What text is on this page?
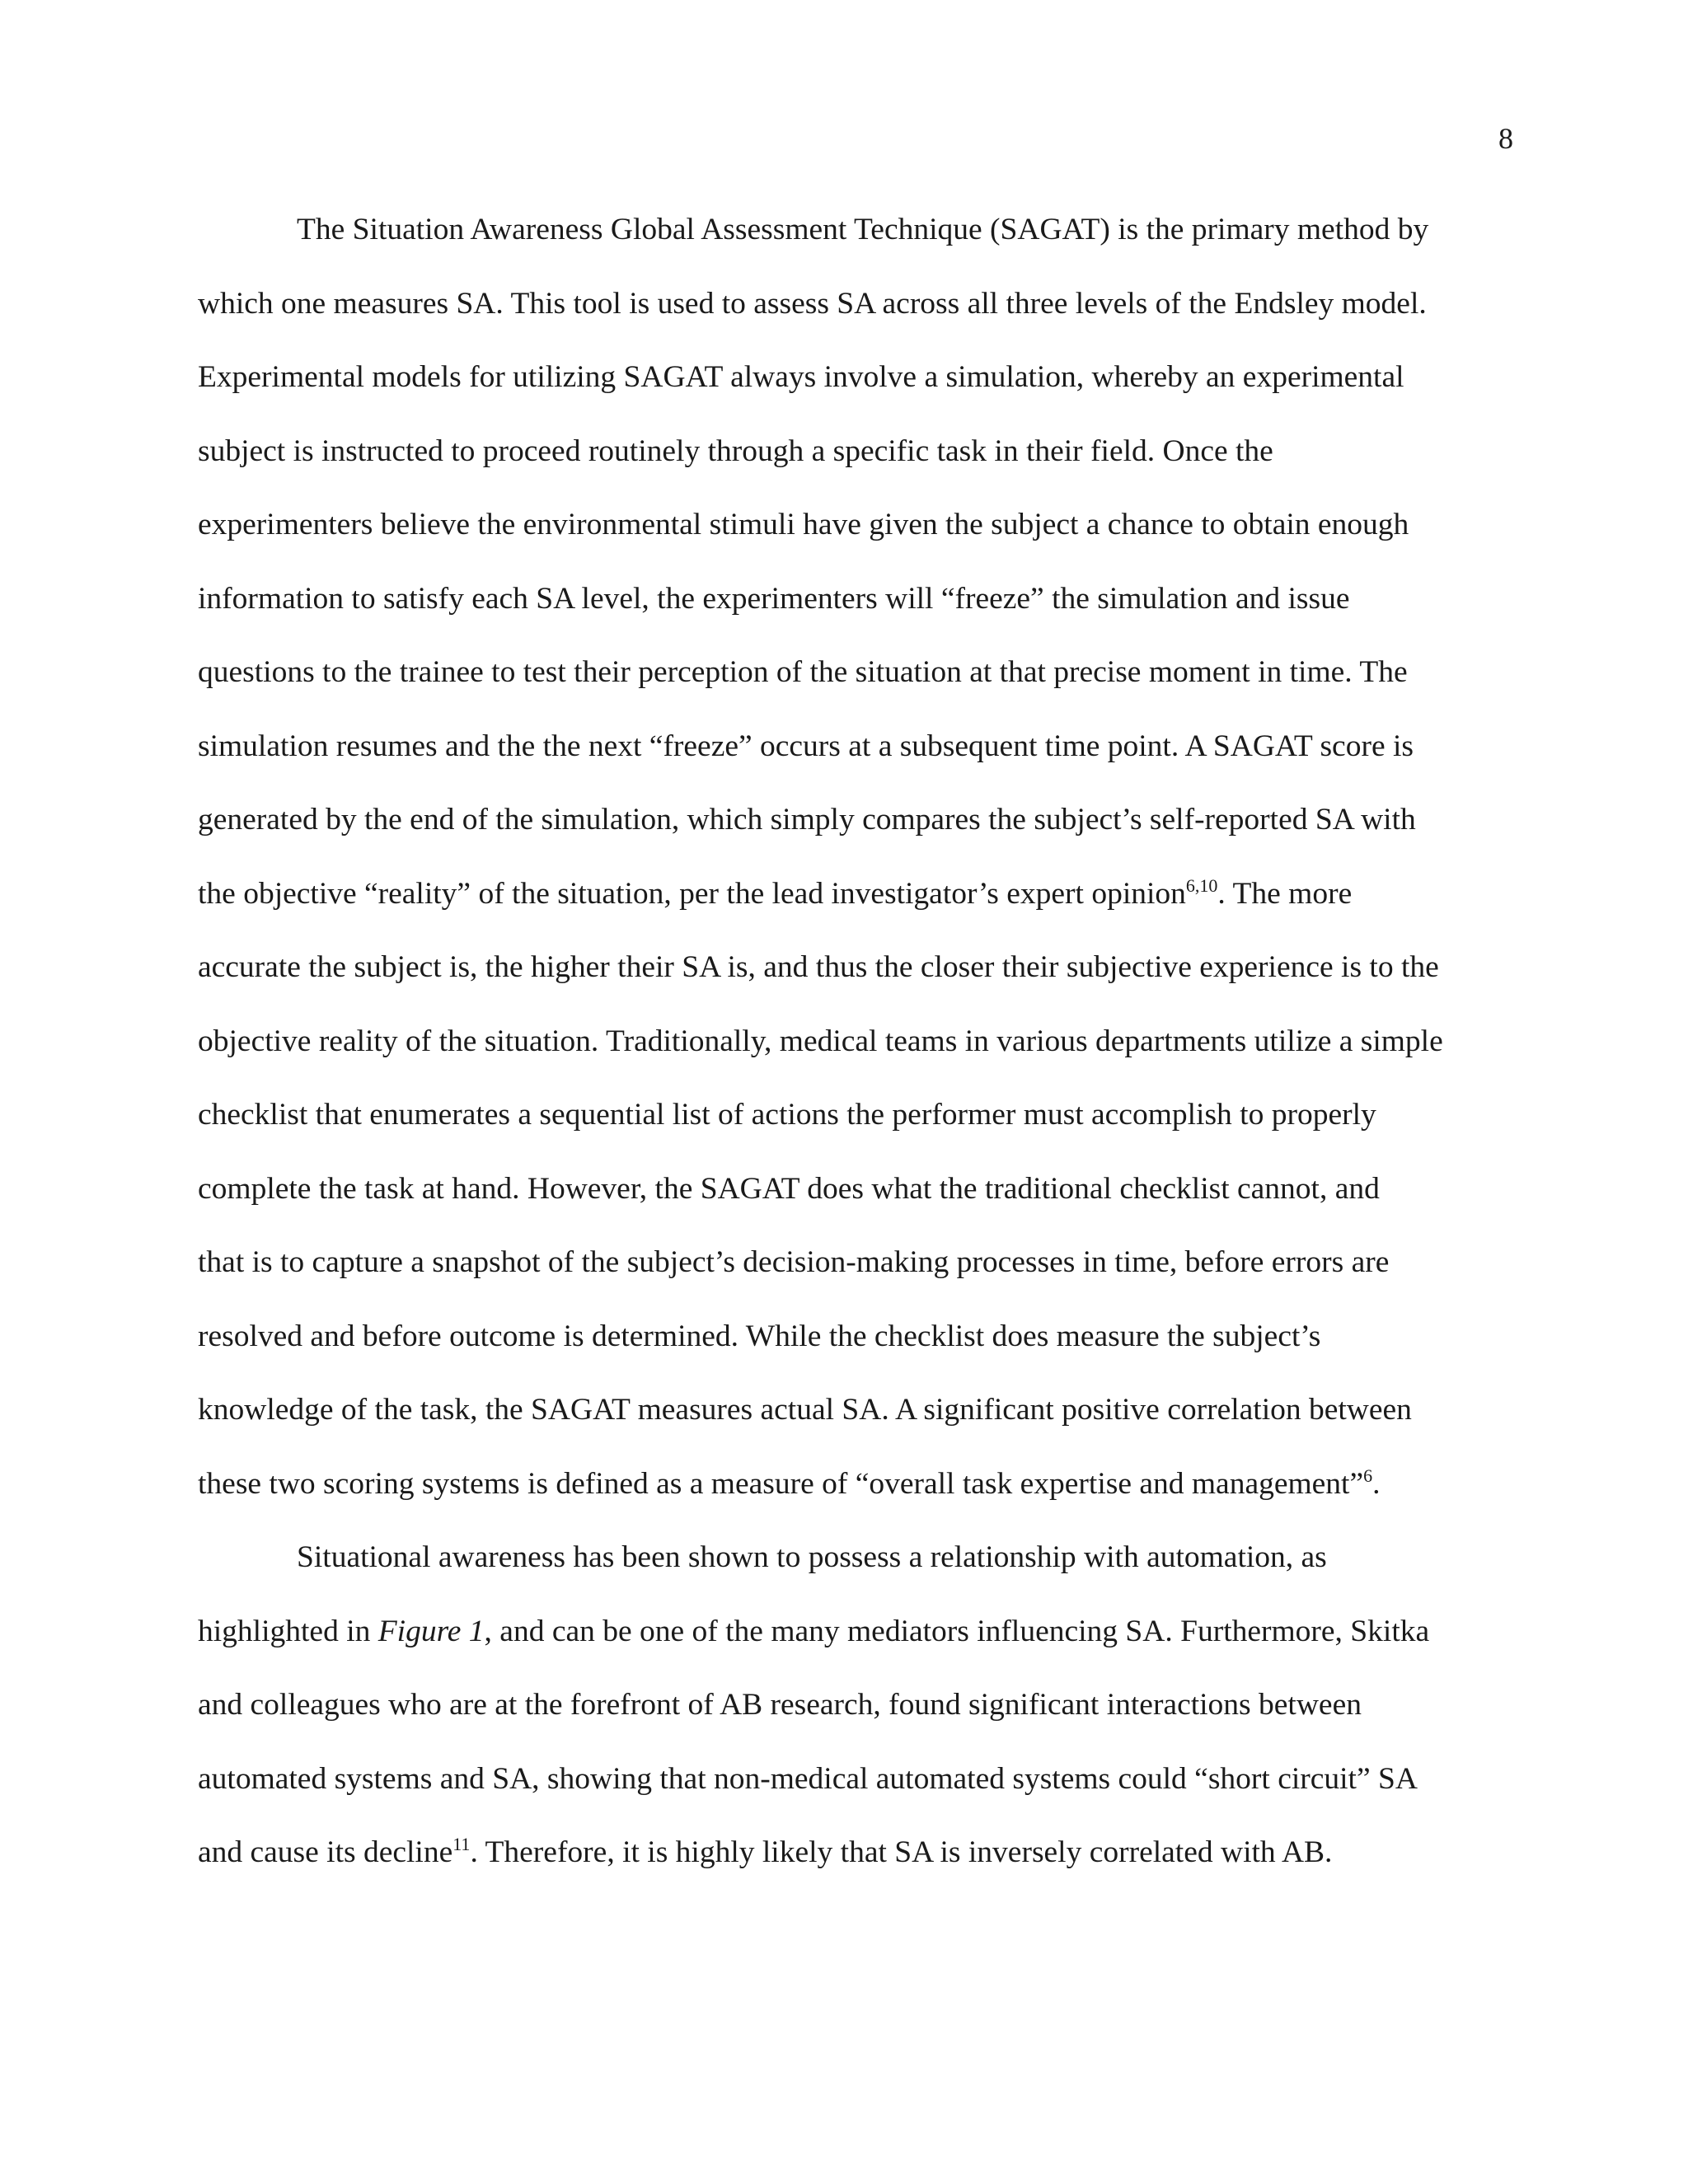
8
The Situation Awareness Global Assessment Technique (SAGAT) is the primary method by
which one measures SA. This tool is used to assess SA across all three levels of the Endsley model.
Experimental models for utilizing SAGAT always involve a simulation, whereby an experimental
subject is instructed to proceed routinely through a specific task in their field. Once the
experimenters believe the environmental stimuli have given the subject a chance to obtain enough
information to satisfy each SA level, the experimenters will “freeze” the simulation and issue
questions to the trainee to test their perception of the situation at that precise moment in time. The
simulation resumes and the the next “freeze” occurs at a subsequent time point. A SAGAT score is
generated by the end of the simulation, which simply compares the subject’s self-reported SA with
the objective “reality” of the situation, per the lead investigator’s expert opinion$^{6,10}$. The more
accurate the subject is, the higher their SA is, and thus the closer their subjective experience is to the
objective reality of the situation. Traditionally, medical teams in various departments utilize a simple
checklist that enumerates a sequential list of actions the performer must accomplish to properly
complete the task at hand. However, the SAGAT does what the traditional checklist cannot, and
that is to capture a snapshot of the subject’s decision-making processes in time, before errors are
resolved and before outcome is determined. While the checklist does measure the subject’s
knowledge of the task, the SAGAT measures actual SA. A significant positive correlation between
these two scoring systems is defined as a measure of “overall task expertise and management”$^6$.
Situational awareness has been shown to possess a relationship with automation, as
highlighted in Figure 1, and can be one of the many mediators influencing SA. Furthermore, Skitka
and colleagues who are at the forefront of AB research, found significant interactions between
automated systems and SA, showing that non-medical automated systems could “short circuit” SA
and cause its decline$^{11}$. Therefore, it is highly likely that SA is inversely correlated with AB.
